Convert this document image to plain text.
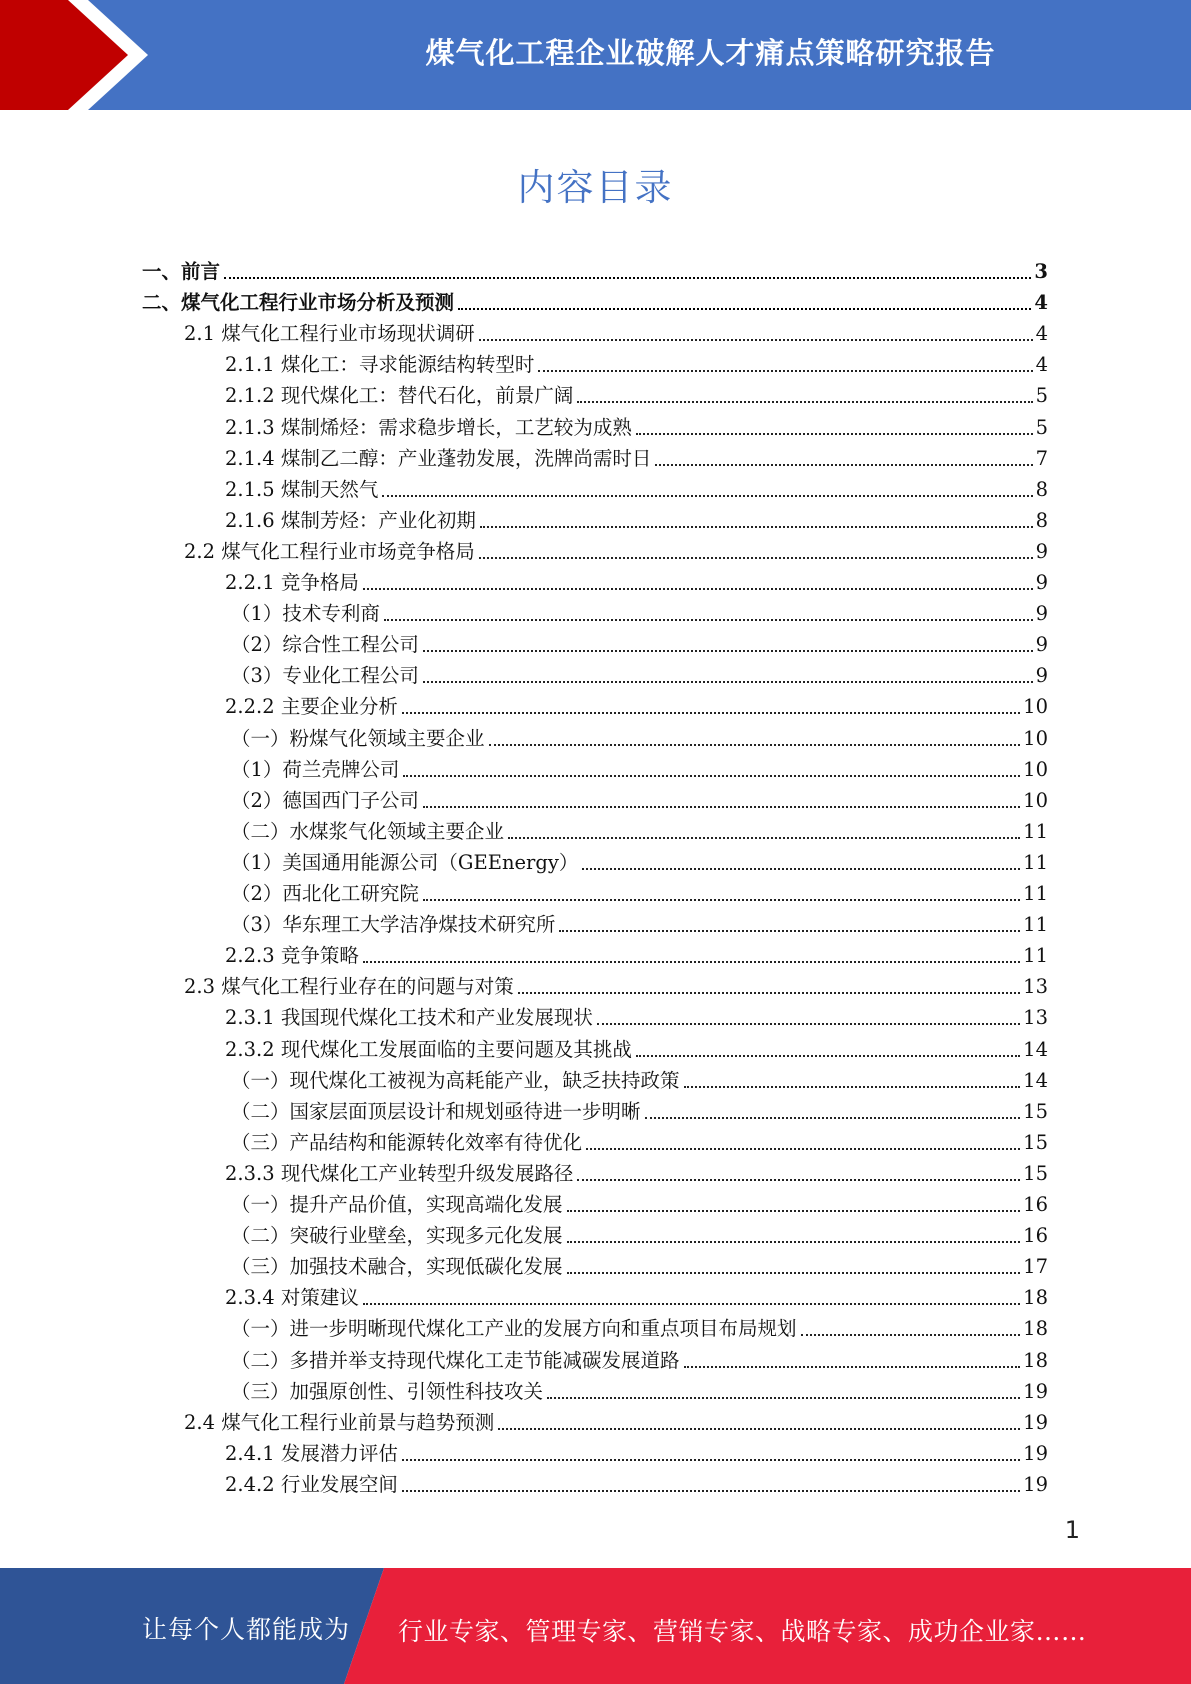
煤气化工程企业破解人才痛点策略研究报告
内容目录
一、前言	3
二、煤气化工程行业市场分析及预测	4
2.1 煤气化工程行业市场现状调研	4
2.1.1 煤化工：寻求能源结构转型时	4
2.1.2 现代煤化工：替代石化，前景广阔	5
2.1.3 煤制烯烃：需求稳步增长，工艺较为成熟	5
2.1.4 煤制乙二醇：产业蓬勃发展，洗牌尚需时日	7
2.1.5 煤制天然气	8
2.1.6 煤制芳烃：产业化初期	8
2.2 煤气化工程行业市场竞争格局	9
2.2.1 竞争格局	9
（1）技术专利商	9
（2）综合性工程公司	9
（3）专业化工程公司	9
2.2.2 主要企业分析	10
（一）粉煤气化领域主要企业	10
（1）荷兰壳牌公司	10
（2）德国西门子公司	10
（二）水煤浆气化领域主要企业	11
（1）美国通用能源公司（GEEnergy）	11
（2）西北化工研究院	11
（3）华东理工大学洁净煤技术研究所	11
2.2.3 竞争策略	11
2.3 煤气化工程行业存在的问题与对策	13
2.3.1 我国现代煤化工技术和产业发展现状	13
2.3.2 现代煤化工发展面临的主要问题及其挑战	14
（一）现代煤化工被视为高耗能产业，缺乏扶持政策	14
（二）国家层面顶层设计和规划亟待进一步明晰	15
（三）产品结构和能源转化效率有待优化	15
2.3.3 现代煤化工产业转型升级发展路径	15
（一）提升产品价值，实现高端化发展	16
（二）突破行业壁垒，实现多元化发展	16
（三）加强技术融合，实现低碳化发展	17
2.3.4 对策建议	18
（一）进一步明晰现代煤化工产业的发展方向和重点项目布局规划	18
（二）多措并举支持现代煤化工走节能减碳发展道路	18
（三）加强原创性、引领性科技攻关	19
2.4 煤气化工程行业前景与趋势预测	19
2.4.1 发展潜力评估	19
2.4.2 行业发展空间	19
1
让每个人都能成为 行业专家、管理专家、营销专家、战略专家、成功企业家……
